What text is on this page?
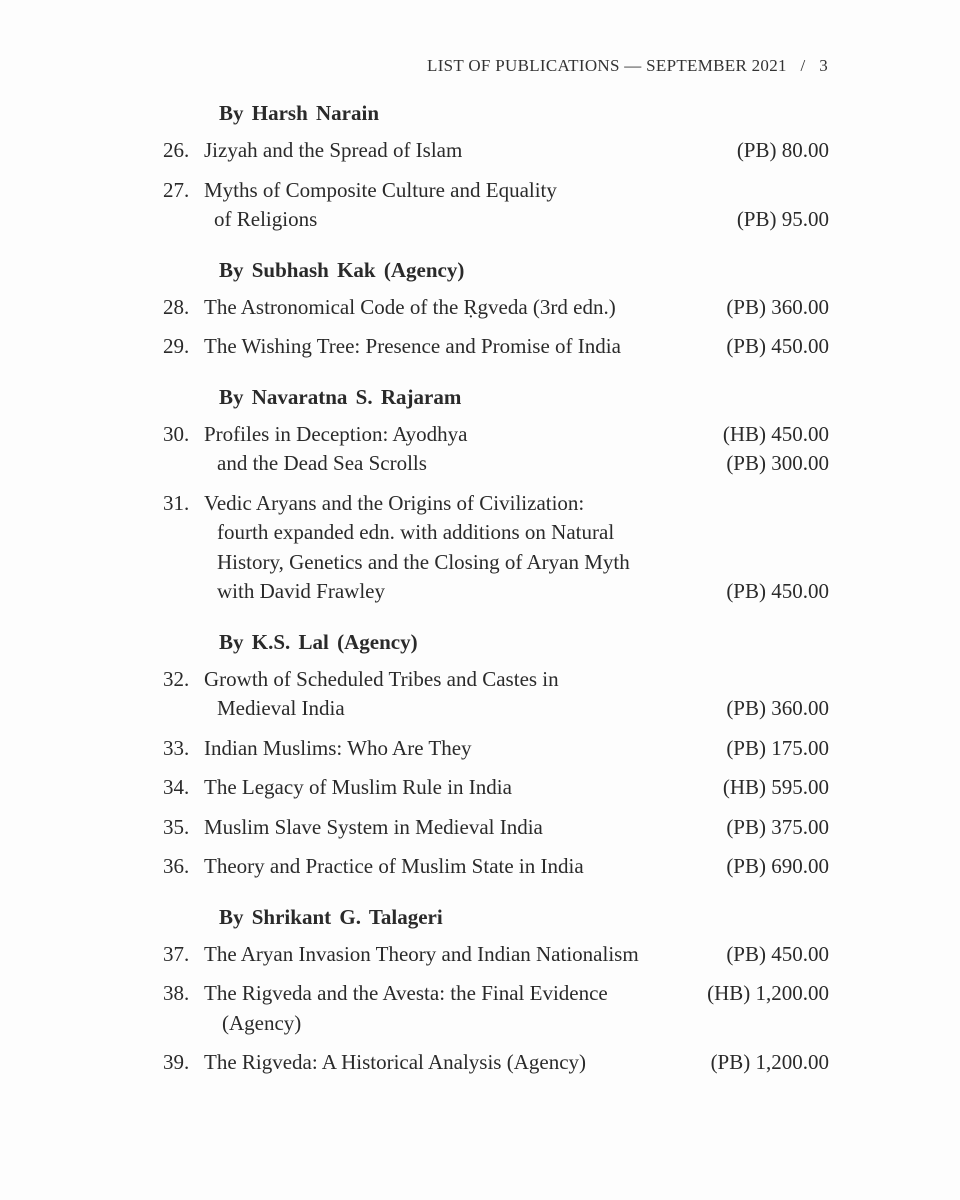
LIST OF PUBLICATIONS — SEPTEMBER 2021 / 3
By Harsh Narain
26. Jizyah and the Spread of Islam	(PB) 80.00
27. Myths of Composite Culture and Equality
of Religions	(PB) 95.00
By Subhash Kak (Agency)
28. The Astronomical Code of the Ṛgveda (3rd edn.)	(PB) 360.00
29. The Wishing Tree: Presence and Promise of India	(PB) 450.00
By Navaratna S. Rajaram
30. Profiles in Deception: Ayodhya	(HB) 450.00
and the Dead Sea Scrolls	(PB) 300.00
31. Vedic Aryans and the Origins of Civilization:
fourth expanded edn. with additions on Natural
History, Genetics and the Closing of Aryan Myth
with David Frawley	(PB) 450.00
By K.S. Lal (Agency)
32. Growth of Scheduled Tribes and Castes in
Medieval India	(PB) 360.00
33. Indian Muslims: Who Are They	(PB) 175.00
34. The Legacy of Muslim Rule in India	(HB) 595.00
35. Muslim Slave System in Medieval India	(PB) 375.00
36. Theory and Practice of Muslim State in India	(PB) 690.00
By Shrikant G. Talageri
37. The Aryan Invasion Theory and Indian Nationalism	(PB) 450.00
38. The Rigveda and the Avesta: the Final Evidence	(HB) 1,200.00
(Agency)
39. The Rigveda: A Historical Analysis (Agency)	(PB) 1,200.00
